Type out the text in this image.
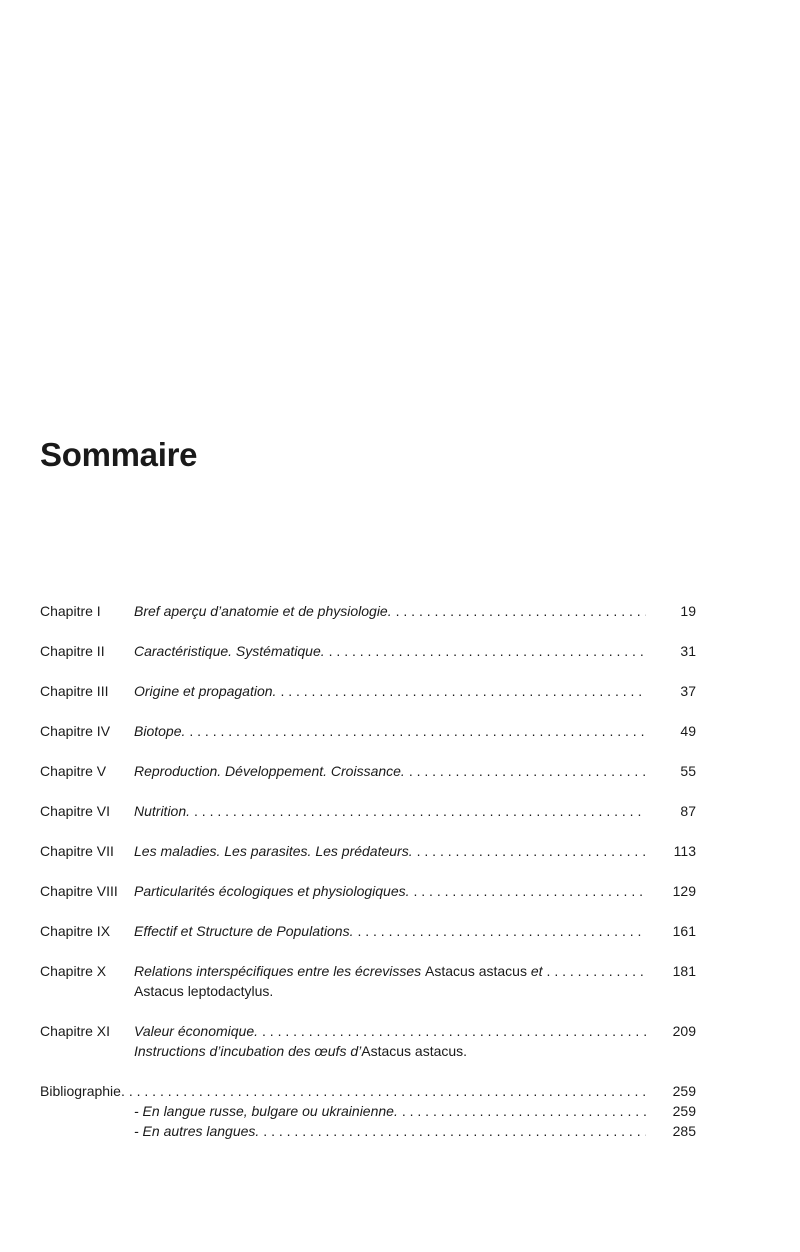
Sommaire
Chapitre I Bref aperçu d’anatomie et de physiologie. . . .	19
Chapitre II Caractéristique. Systématique. . . .	31
Chapitre III Origine et propagation. . . .	37
Chapitre IV Biotope. . . .	49
Chapitre V Reproduction. Développement. Croissance. . . .	55
Chapitre VI Nutrition. . . .	87
Chapitre VII Les maladies. Les parasites. Les prédateurs. . . .	113
Chapitre VIII Particularités écologiques et physiologiques. . . .	129
Chapitre IX Effectif et Structure de Populations. . . .	161
Chapitre X Relations interspécifiques entre les écrevisses Astacus astacus et . . .	181
Astacus leptodactylus.
Chapitre XI Valeur économique. . . .	209
Instructions d’incubation des œufs d’Astacus astacus.
Bibliographie. . . .	259
- En langue russe, bulgare ou ukrainienne. . . .	259
- En autres langues. . . .	285
